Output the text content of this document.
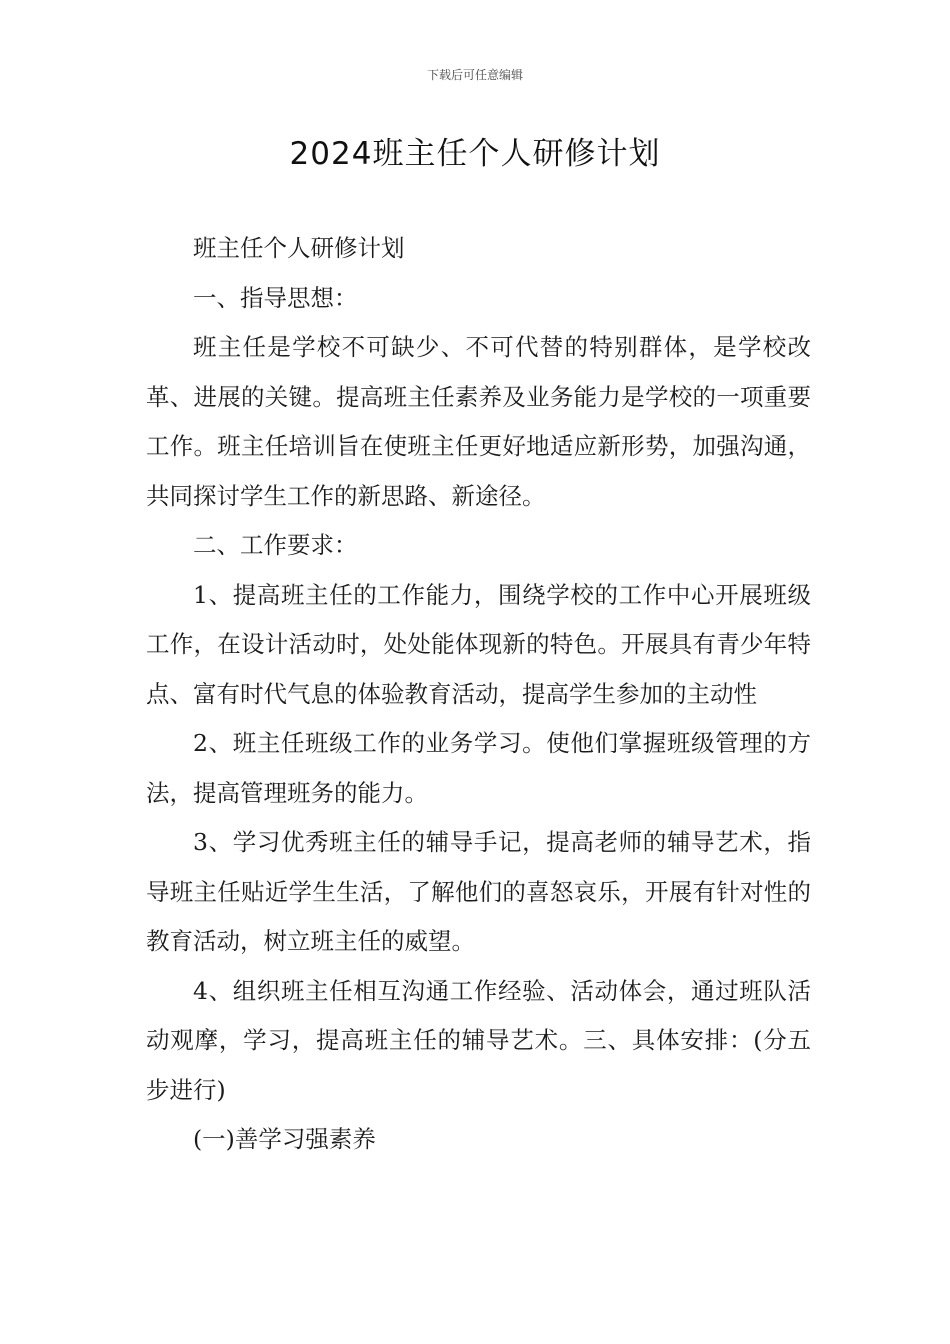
下载后可任意编辑
2024班主任个人研修计划

班主任个人研修计划

一、指导思想：

班主任是学校不可缺少、不可代替的特别群体，是学校改革、进展的关键。提高班主任素养及业务能力是学校的一项重要工作。班主任培训旨在使班主任更好地适应新形势，加强沟通，共同探讨学生工作的新思路、新途径。

二、工作要求：

1、提高班主任的工作能力，围绕学校的工作中心开展班级工作，在设计活动时，处处能体现新的特色。开展具有青少年特点、富有时代气息的体验教育活动，提高学生参加的主动性

2、班主任班级工作的业务学习。使他们掌握班级管理的方法，提高管理班务的能力。

3、学习优秀班主任的辅导手记，提高老师的辅导艺术，指导班主任贴近学生生活，了解他们的喜怒哀乐，开展有针对性的教育活动，树立班主任的威望。

4、组织班主任相互沟通工作经验、活动体会，通过班队活动观摩，学习，提高班主任的辅导艺术。三、具体安排：(分五步进行)

(一)善学习强素养
